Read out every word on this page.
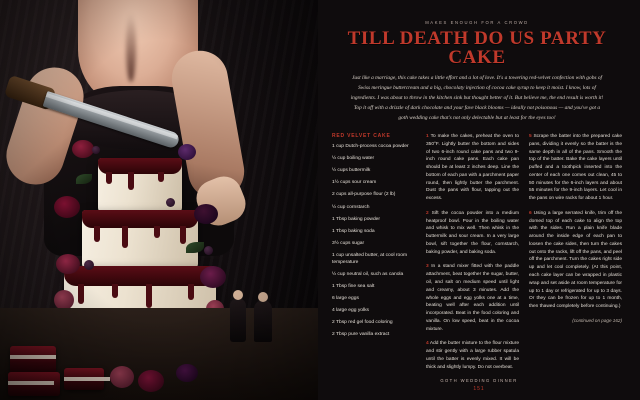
MAKES ENOUGH FOR A CROWD
TILL DEATH DO US PARTY CAKE

Just like a marriage, this cake takes a little effort and a lot of love. It's a towering red-velvet confection with gobs of Swiss meringue buttercream and a big, chocolaty injection of cocoa cake syrup to keep it moist. I know, lots of ingredients. I was about to throw in the kitchen sink but thought better of it. But believe me, the end result is worth it! Top it off with a drizzle of dark chocolate and your fave black blooms — ideally not poisonous — and you've got a goth wedding cake that's not only delectable but at least for the eyes too!

RED VELVET CAKE
1 cup Dutch-process cocoa powder
½ cup boiling water
½ cups buttermilk
1½ cups sour cream
2 cups all-purpose flour (2 lb)
½ cup cornstarch
1 Tbsp baking powder
1 Tbsp baking soda
3½ cups sugar
1 cup unsalted butter, at cool room temperature
½ cup neutral oil, such as canola
1 Tbsp fine sea salt
6 large eggs
4 large egg yolks
2 Tbsp red gel food coloring
2 Tbsp pure vanilla extract

1 To make the cakes, preheat the oven to 350°F. Lightly butter the bottom and sides of two 6-inch round cake pans and two 9-inch round cake pans. Each cake pan should be at least 2 inches deep. Line the bottom of each pan with a parchment paper round, then lightly butter the parchment. Dust the pans with flour, tapping out the excess.

2 Sift the cocoa powder into a medium heatproof bowl. Pour in the boiling water and whisk to mix well. Then whisk in the buttermilk and sour cream. In a very large bowl, sift together the flour, cornstarch, baking powder, and baking soda.

3 In a stand mixer fitted with the paddle attachment, beat together the sugar, butter, oil, and salt on medium speed until light and creamy, about 3 minutes. Add the whole eggs and egg yolks one at a time, beating well after each addition until incorporated. Beat in the food coloring and vanilla. On low speed, beat in the cocoa mixture.

4 Add the butter mixture to the flour mixture and stir gently with a large rubber spatula until the batter is evenly mixed. It will be thick and slightly lumpy. Do not overbeat.

5 Scrape the batter into the prepared cake pans, dividing it evenly so the batter is the same depth in all of the pans. Smooth the top of the batter. Bake the cake layers until puffed and a toothpick inserted into the center of each one comes out clean, 45 to 50 minutes for the 6-inch layers and about 55 minutes for the 9-inch layers. Let cool in the pans on wire racks for about 1 hour.

6 Using a large serrated knife, trim off the domed top of each cake to align the top with the sides. Run a plain knife blade around the inside edge of each pan to loosen the cake sides, then turn the cakes out onto the racks, lift off the pans, and peel off the parchment. Turn the cakes right side up and let cool completely. (At this point, each cake layer can be wrapped in plastic wrap and set aside at room temperature for up to 1 day or refrigerated for up to 3 days. Or they can be frozen for up to 1 month, then thawed completely before continuing.)

(continued on page 162)
GOTH WEDDING DINNER
151
